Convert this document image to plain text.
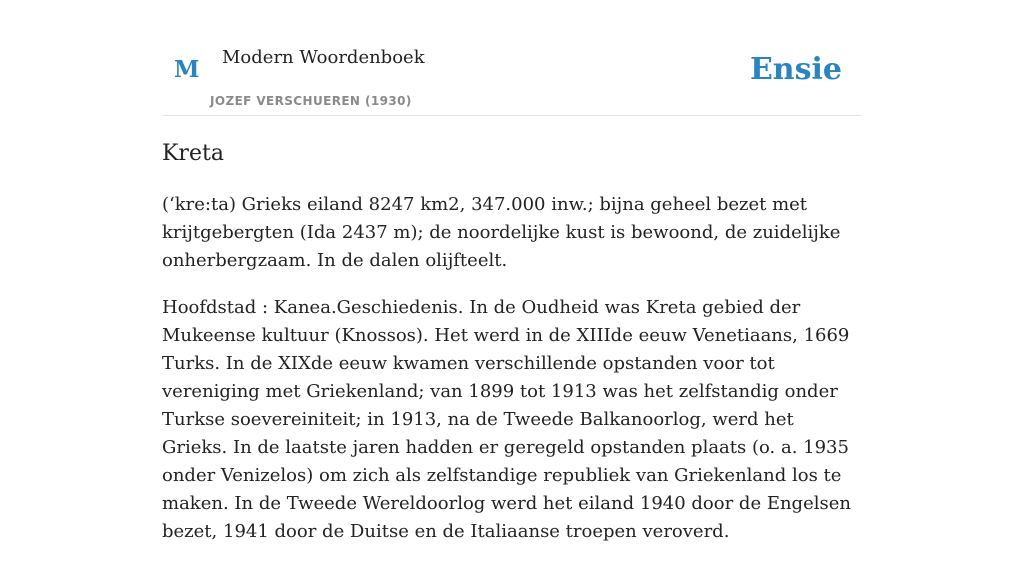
M Modern Woordenboek
JOZEF VERSCHUEREN (1930)
Ensie
Kreta

(‘kre:ta) Grieks eiland 8247 km2, 347.000 inw.; bijna geheel bezet met krijtgebergten (Ida 2437 m); de noordelijke kust is bewoond, de zuidelijke onherbergzaam. In de dalen olijfteelt.

Hoofdstad : Kanea.Geschiedenis. In de Oudheid was Kreta gebied der Mukeense kultuur (Knossos). Het werd in de XIIIde eeuw Venetiaans, 1669 Turks. In de XIXde eeuw kwamen verschillende opstanden voor tot vereniging met Griekenland; van 1899 tot 1913 was het zelfstandig onder Turkse soevereiniteit; in 1913, na de Tweede Balkanoorlog, werd het Grieks. In de laatste jaren hadden er geregeld opstanden plaats (o. a. 1935 onder Venizelos) om zich als zelfstandige republiek van Griekenland los te maken. In de Tweede Wereldoorlog werd het eiland 1940 door de Engelsen bezet, 1941 door de Duitse en de Italiaanse troepen veroverd.
